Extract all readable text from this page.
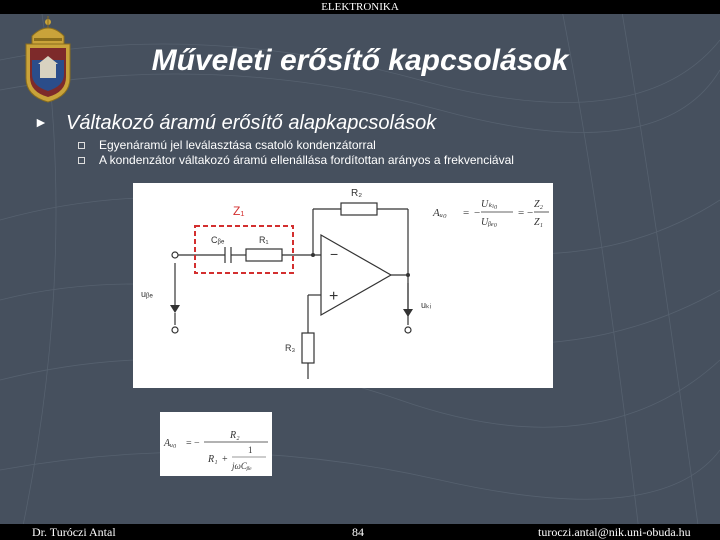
ELEKTRONIKA
Műveleti erősítő kapcsolások
► Váltakozó áramú erősítő alapkapcsolások
Egyenáramú jel leválasztása csatoló kondenzátorral
A kondenzátor váltakozó áramú ellenállása fordítottan arányos a frekvenciával
Z₁
R₂
Cᵦₑ	R₁
uᵦₑ
uₖᵢ
R₃
−
+
Aᵤ₀ = −
Uₖᵢ₀
Uᵦₑ₀
= −
Z₂
Z₁
Aᵤ₀ = −
R₂
R₁ +
1
jωCᵦₑ
Dr. Turóczi Antal	84	turoczi.antal@nik.uni-obuda.hu
